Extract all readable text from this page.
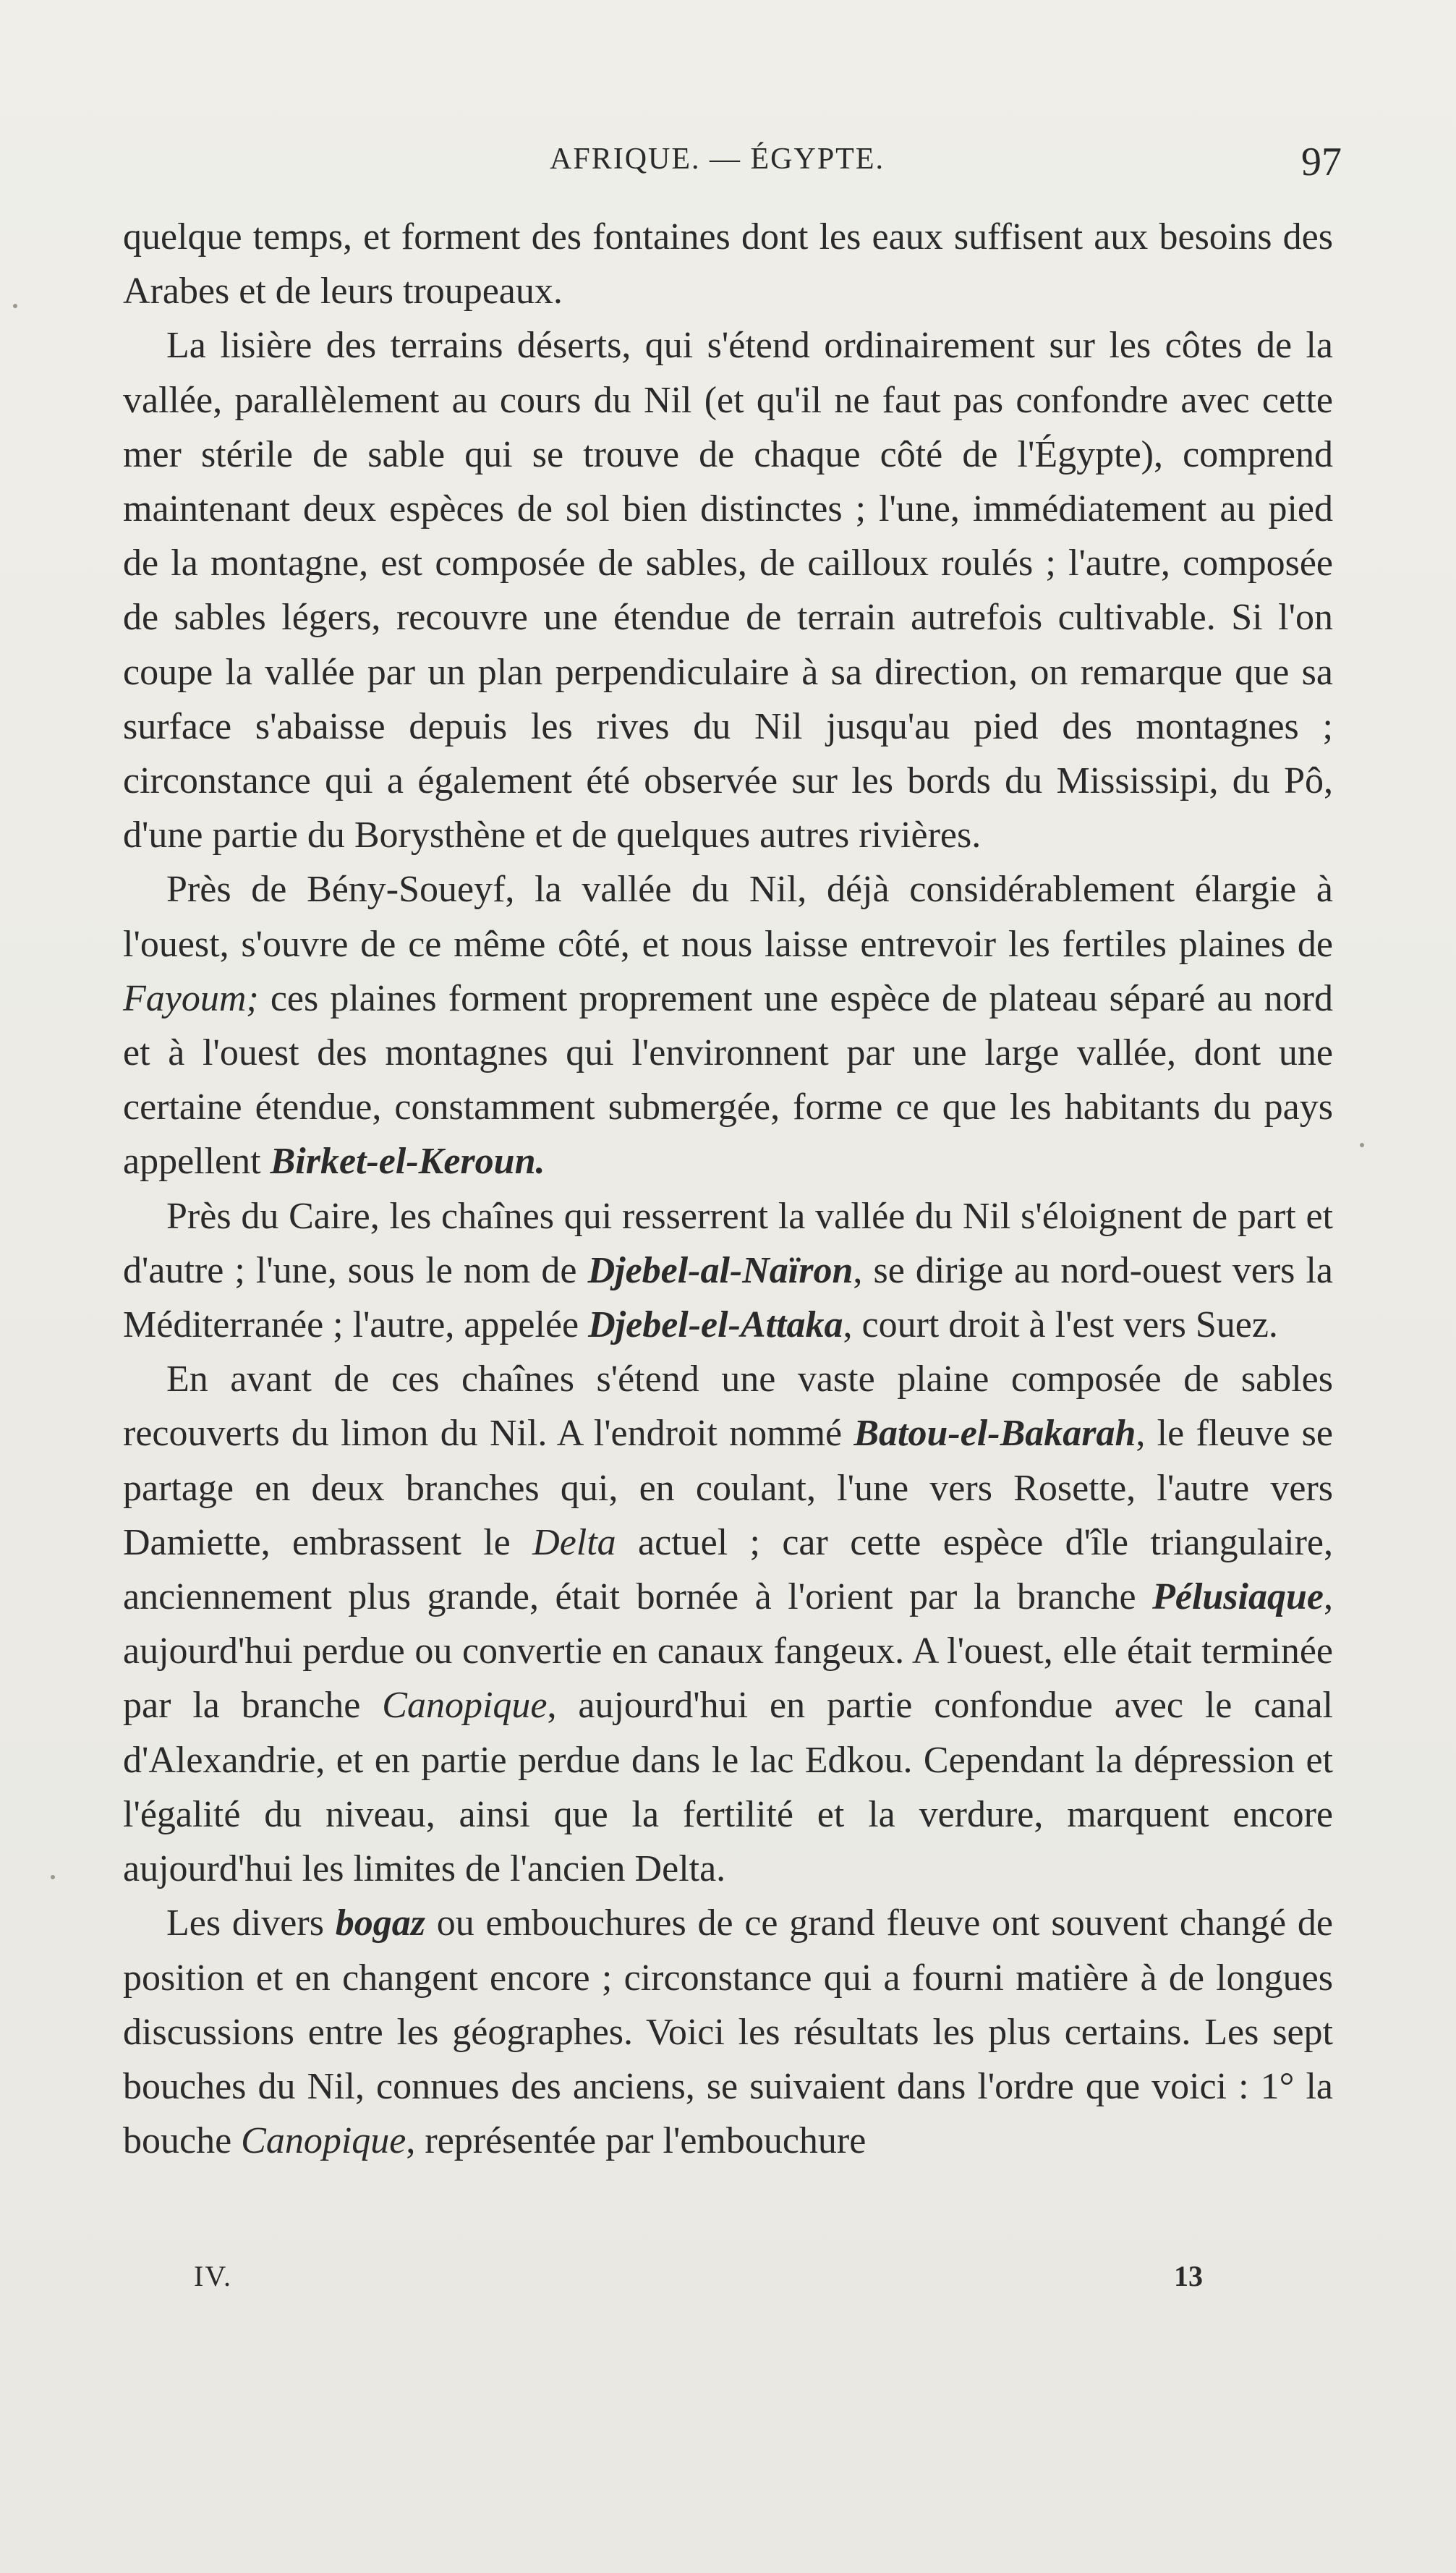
AFRIQUE. — ÉGYPTE.	97

quelque temps, et forment des fontaines dont les eaux suffisent aux besoins des Arabes et de leurs troupeaux.

La lisière des terrains déserts, qui s'étend ordinairement sur les côtes de la vallée, parallèlement au cours du Nil (et qu'il ne faut pas confondre avec cette mer stérile de sable qui se trouve de chaque côté de l'Égypte), comprend maintenant deux espèces de sol bien distinctes ; l'une, immédiatement au pied de la montagne, est composée de sables, de cailloux roulés ; l'autre, composée de sables légers, recouvre une étendue de terrain autrefois cultivable. Si l'on coupe la vallée par un plan perpendiculaire à sa direction, on remarque que sa surface s'abaisse depuis les rives du Nil jusqu'au pied des montagnes ; circonstance qui a également été observée sur les bords du Mississipi, du Pô, d'une partie du Borysthène et de quelques autres rivières.

Près de Bény-Soueyf, la vallée du Nil, déjà considérablement élargie à l'ouest, s'ouvre de ce même côté, et nous laisse entrevoir les fertiles plaines de Fayoum; ces plaines forment proprement une espèce de plateau séparé au nord et à l'ouest des montagnes qui l'environnent par une large vallée, dont une certaine étendue, constamment submergée, forme ce que les habitants du pays appellent Birket-el-Keroun.

Près du Caire, les chaînes qui resserrent la vallée du Nil s'éloignent de part et d'autre ; l'une, sous le nom de Djebel-al-Naïron, se dirige au nord-ouest vers la Méditerranée ; l'autre, appelée Djebel-el-Attaka, court droit à l'est vers Suez.

En avant de ces chaînes s'étend une vaste plaine composée de sables recouverts du limon du Nil. A l'endroit nommé Batou-el-Bakarah, le fleuve se partage en deux branches qui, en coulant, l'une vers Rosette, l'autre vers Damiette, embrassent le Delta actuel ; car cette espèce d'île triangulaire, anciennement plus grande, était bornée à l'orient par la branche Pélusiaque, aujourd'hui perdue ou convertie en canaux fangeux. A l'ouest, elle était terminée par la branche Canopique, aujourd'hui en partie confondue avec le canal d'Alexandrie, et en partie perdue dans le lac Edkou. Cependant la dépression et l'égalité du niveau, ainsi que la fertilité et la verdure, marquent encore aujourd'hui les limites de l'ancien Delta.

Les divers bogaz ou embouchures de ce grand fleuve ont souvent changé de position et en changent encore ; circonstance qui a fourni matière à de longues discussions entre les géographes. Voici les résultats les plus certains. Les sept bouches du Nil, connues des anciens, se suivaient dans l'ordre que voici : 1° la bouche Canopique, représentée par l'embouchure

IV.	13
